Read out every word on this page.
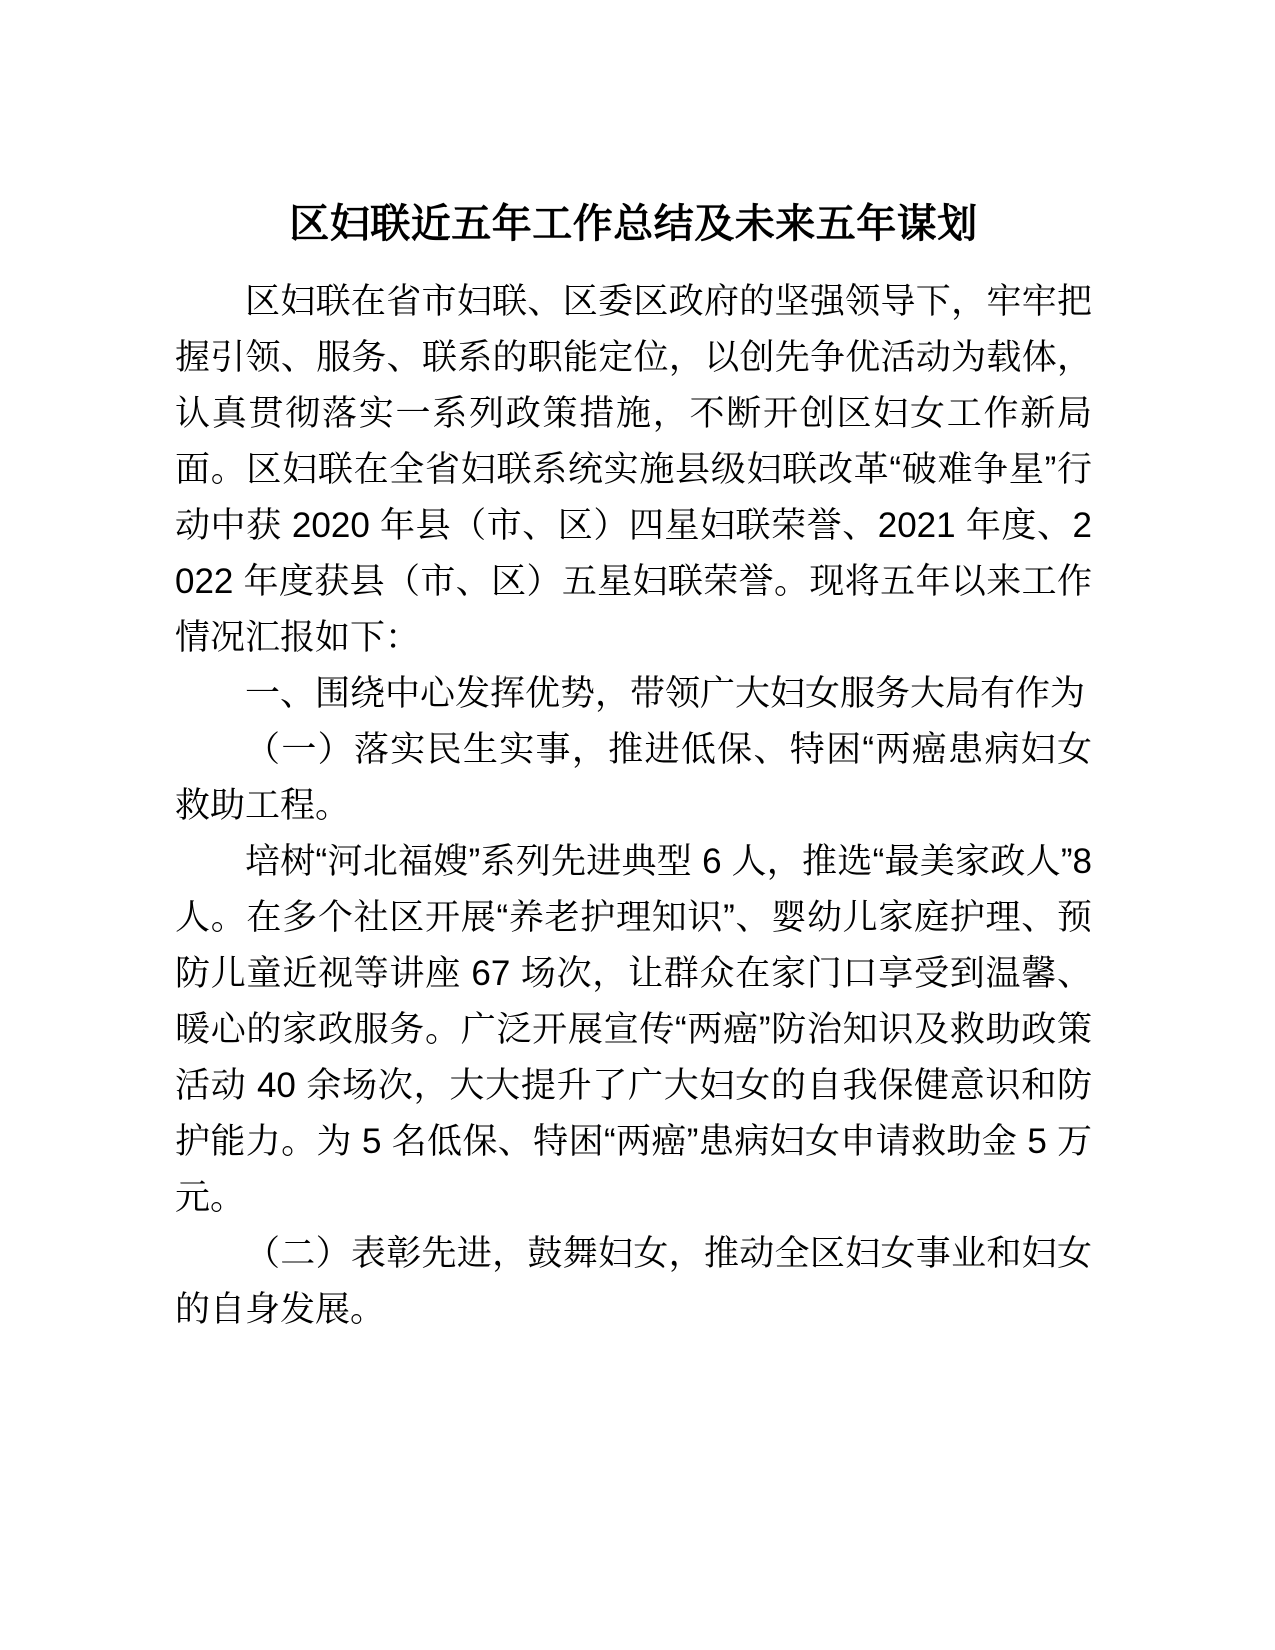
区妇联近五年工作总结及未来五年谋划

区妇联在省市妇联、区委区政府的坚强领导下，牢牢把握引领、服务、联系的职能定位，以创先争优活动为载体，认真贯彻落实一系列政策措施，不断开创区妇女工作新局面。区妇联在全省妇联系统实施县级妇联改革“破难争星”行动中获 2020 年县（市、区）四星妇联荣誉、2021 年度、2022 年度获县（市、区）五星妇联荣誉。现将五年以来工作情况汇报如下：

一、围绕中心发挥优势，带领广大妇女服务大局有作为

（一）落实民生实事，推进低保、特困“两癌患病妇女救助工程。

培树“河北福嫂”系列先进典型 6 人，推选“最美家政人”8 人。在多个社区开展“养老护理知识”、婴幼儿家庭护理、预防儿童近视等讲座 67 场次，让群众在家门口享受到温馨、暖心的家政服务。广泛开展宣传“两癌”防治知识及救助政策活动 40 余场次，大大提升了广大妇女的自我保健意识和防护能力。为 5 名低保、特困“两癌”患病妇女申请救助金 5 万元。

（二）表彰先进，鼓舞妇女，推动全区妇女事业和妇女的自身发展。
